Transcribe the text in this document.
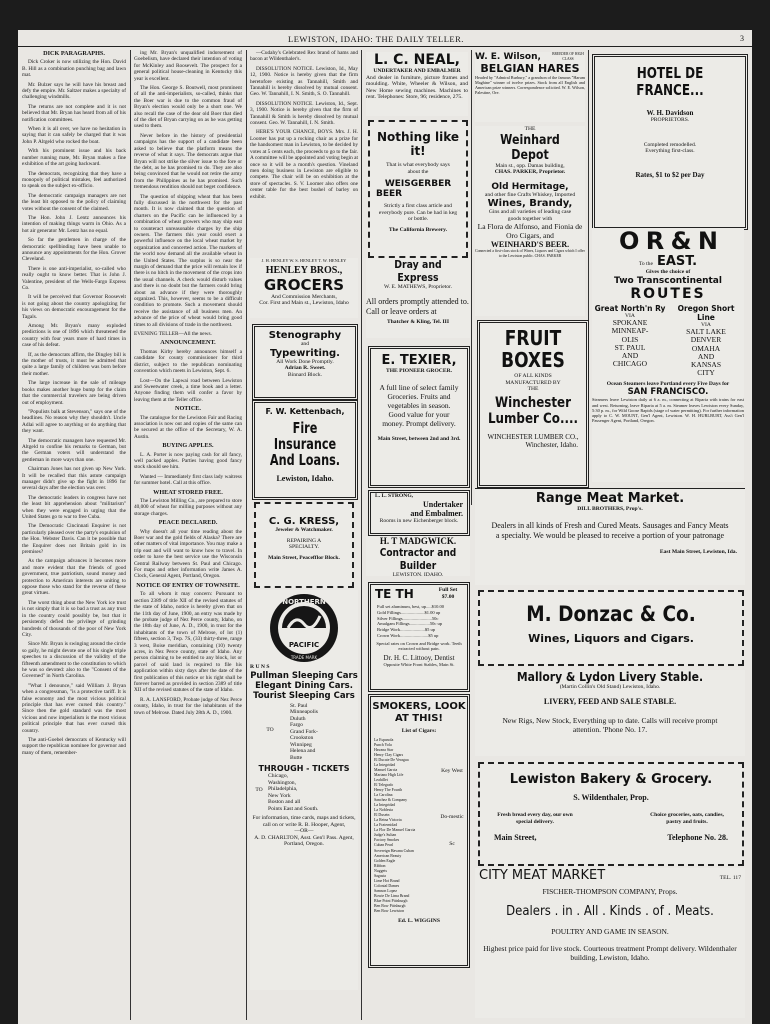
LEWISTON, IDAHO: THE DAILY TELLER.	3
DICK PARAGRAPHS.
Dick Croker is now utilizing the Hon. David B. Hill as a combination punching bag and lawn mat.
Mr. Bulzer says he will have his breast and defy the empire. Mr. Saltzer makes a specialty of challenging windmills.
The returns are not complete and it is not believed that Mr. Bryan has heard from all of his notification committees.
When it is all over, we have no hesitation in saying that it can safely be charged that it was John P. Altgeld who rocked the boat.
With his prominent issue and his back number running mate, Mr. Bryan makes a fine exhibition of the art going backward.
The democrats, recognizing that they have a monopoly of political mistakes, feel authorized to speak on the subject ex-officio.
The democratic campaign managers are not the least bit opposed to the policy of claiming votes without the consent of the claimed.
The Hon. John J. Lentz announces his intention of making things warm in Ohio. As a hot air generator Mr. Lentz has no equal.
So far the gentlemen in charge of the democratic spellbinding have been unable to announce any appointments for the Hon. Grover Cleveland.
There is one anti-imperialist, so-called who really ought to know better. That is John J. Valentine, president of the Wells-Fargo Express Co.
It will be perceived that Governor Roosevelt is not going about the country apologizing for his views on democratic encouragement for the Tagals.
Among Mr. Bryan's many exploded predictions is one of 1896 which threatened the country with four years more of hard times in case of his defeat.
If, as the democrats affirm, the Dingley bill is the mother of trusts, it must be admitted that quite a large family of children was born before their mother.
The large increase in the sale of mileage books makes another huge bump for the claim that the commercial travelers are being driven out of employment.
"Populists balk at Stevenson," says one of the headlines. No reason why they shouldn't. Uncle Adlai will agree to anything or do anything that they want.
The democratic managers have requested Mr. Altgeld to confine his remarks to German, but the German voters will understand the gentleman in more ways than one.
Chairman Jones has not given up New York. It will be recalled that this astute campaign manager didn't give up the fight in 1896 for several days after the election was over.
The democratic leaders in congress have not the least bit apprehension about "militarism" when they were engaged in urging that the United States go to war to free Cuba.
The Democratic Cincinnati Enquirer is not particularly pleased over the party's expulsion of the Hon. Webster Davis. Can it be possible that the Enquirer does not Britain gold in its premises?
As the campaign advances it becomes more and more evident that the friends of good government, true patriotism, sound money and protection to American interests are uniting to oppose those who stand for the reverse of these great virtues.
The worst thing about the New York ice trust is not simply that it is so bad a trust as any trust in the country could possibly be, but that it persistently defied the privilege of grinding hundreds of thousands of the poor of New York City.
Since Mr. Bryan is swinging around the circle so gaily, he might devote one of his single triple speeches to a discussion of the validity of the fifteenth amendment to the constitution to which he was so devoted: also to the "Consent of the Governed" in North Carolina.
"What I denounce," said William J. Bryan when a congressman, "is a protective tariff. It is false economy and the most vicious political principle that has ever cursed this country." Since then the gold standard was the most vicious and now imperialism is the most vicious political principle that has ever cursed this country.
The anti-Goebel democrats of Kentucky will support the republican nominee for governor and many of them, remember-
ing Mr. Bryan's unqualified indorsement of Goebelism, have declared their intention of voting for McKinley and Roosevelt. The prospect for a general political house-cleaning in Kentucky this year is excellent.
The Hon. George S. Boutwell, most prominent of all the anti-imperialists, so-called, thinks that the Boer war is due to the common fraud of Bryan's election would only be a short one. We also recall the case of the dear old Boer that died of the diet of Bryan carrying on as he was getting used to them.
Never before in the history of presidential campaigns has the support of a candidate been asked to believe that the platform means the reverse of what it says. The democrats argue that Bryan will not strike the silver issue to the fore or the debt, as he has promised to do. They are also being convinced that he would not retire the army from the Philippines as he has promised. Such tremendous rendition should not beget confidence.
The question of shipping wheat that has been fully discussed in the northwest for the past month. It is now claimed that the question of charters on the Pacific can be influenced by a combination of wheat growers who may ship east to counteract unreasonable charges by the ship owners. The farmers this year could exert a powerful influence on the local wheat market by organization and concerted action. The markets of the world now demand all the available wheat in the United States. The surplus is so near the margin of demand that the price will remain low if there is no hitch in the movement of the crops into the usual channels. A check would disturb values and there is no doubt but the farmers could bring about an advance if they were thoroughly organized. This, however, seems to be a difficult condition to promote. Such a movement should receive the assistance of all business men. An advance of the price of wheat would bring good times to all divisions of trade in the northwest.
EVENING TELLER—All the news.
ANNOUNCEMENT.
Thomas Kirby hereby announces himself a candidate for county commissioner for third district, subject to the republican nominating convention which meets in Lewiston, Sept. 6.
Lost—On the Lapwai road between Lewiston and Sweetwater creek, a time book and a letter. Anyone finding them will confer a favor by leaving them at the Teller office.
NOTICE.
The catalogue for the Lewiston Fair and Racing association is now out and copies of the same can be secured at the office of the Secretary, W. A. Austin.
BUYING APPLES.
L. A. Porter is now paying cash for all fancy, well packed apples. Parties having good fancy stock should see him.
Wanted — Immediately first class lady waitress for summer hotel. Call at this office.
WHEAT STORED FREE.
The Lewiston Milling Co., are prepared to store 40,000 of wheat for milling purposes without any storage charges.
PEACE DECLARED.
Why doesn't all your time reading about the Boer war and the gold fields of Alaska? There are other matters of vital importance. You may make a trip east and will want to know how to travel. In order to have the best service use the Wisconsin Central Railway between St. Paul and Chicago. For maps and other information write James A. Clock, General Agent, Portland, Oregon.
NOTICE OF ENTRY OF TOWNSITE.
To all whom it may concern: Pursuant to section 2389 of title XII of the revised statutes of the state of Idaho, notice is hereby given that on the 11th day of June, 1900, an entry was made by the probate judge of Nez Perce county, Idaho, on the 18th day of June, A. D., 1900, in trust for the inhabitants of the town of Melrose, of lot (1) fifteen, section 3, Twp. 7S, (33) thirty-three, range 3 west, Boise meridian, containing (10) twenty acres, in Nez Perce county, state of Idaho. Any person claiming to be entitled to any block, lot or parcel of said land is required to file his application within sixty days after the date of the first publication of this notice or his right shall be forever barred as provided in section 2389 of title XII of the revised statutes of the state of Idaho.
R. A. LANSFORD, Probate judge of Nez Perce county, Idaho, in trust for the inhabitants of the town of Melrose. Dated July 28th A. D., 1900.
—Cudahy's Celebrated Rex brand of hams and bacon at Wildenthaler's.
DISSOLUTION NOTICE. Lewiston, Id., May 12, 1900. Notice is hereby given that the firm heretofore existing as Tannahill, Smith and Tannahill is hereby dissolved by mutual consent. Geo. W. Tannahill, I. N. Smith, S. O. Tannahill.
DISSOLUTION NOTICE. Lewiston, Id., Sept. 3, 1900. Notice is hereby given that the firm of Tannahill & Smith is hereby dissolved by mutual consent. Geo. W. Tannahill, I. N. Smith.
HERE'S YOUR CHANCE, BOYS. Mrs. J. H. Loomer has put up a rocking chair as a prize for the handsomest man in Lewiston, to be decided by votes at 5 cents each, the proceeds to go to the fair. A committee will be appointed and voting begin at once so it will be a month's question. Vineland men doing business in Lewiston are eligible to compete. The chair will be on exhibition at the store of spectacles. S. V. Loomer also offers one center table for the best bushel of barley on exhibit.
J. H. HENLEY W. S. HENLEY T. W. HENLEY
HENLEY BROS.,
GROCERS
And Commission Merchants,
Cor. First and Main st., Lewiston, Idaho
Stenography
and
Typewriting.
All Work Done Promptly.
Adrian R. Sweet.
Binnard Block.
F. W. Kettenbach,
Fire Insurance
And Loans.
Lewiston, Idaho.
C. G. KRESS,
Jeweler & Watchmaker.
REPAIRING A SPECIALTY.
Main Street, Peacefflor Block.
NORTHERN
PACIFIC
TRADE MARK
R U N S
Pullman Sleeping Cars
Elegant Dining Cars.
Tourist Sleeping Cars
TO
St. Paul
Minneapolis
Duluth
Fargo
Grand Fork-
Crookston
Winnipeg
Helena and
Butte
THROUGH - TICKETS
TO
Chicago,
Washington,
Philadelphia,
New York
Boston and all
Points East and South.
For information, time cards, maps and tickets, call on or write R. B. Hooper, Agent,
—OR—
A. D. CHARLTON, Asst. Gen'l Pass. Agent, Portland, Oregon.
L. C. NEAL,
UNDERTAKER AND EMBALMER
And dealer in furniture, picture frames and moulding. White, Wheeler & Wilson, and New Home sewing machines. Machines to rent. Telephones: Store, 96; residence, 275.
Nothing like it!
That is what everybody says about the
WEISGERBER
BEER
Strictly a first class article and everybody pure. Can be had in keg or bottle.
The California Brewery.
Dray and Express
W. E. MATHEWS, Proprietor.
All orders promptly attended to.
Call or leave orders at
Thatcher & Kling, Tel. III
E. TEXIER,
THE PIONEER GROCER.
A full line of select family Groceries. Fruits and vegetables in season. Good value for your money. Prompt delivery.
Main Street, between 2nd and 3rd.
L. L. STRONG,
Undertaker
and Embalmer.
Rooms in new Eichenberger block.
H. T MADGWICK.
Contractor and Builder
LEWISTON, IDAHO.
TE TH	Full Set $7.00
Full set aluminum, best, up.....$10.00
Gold Fillings.....................$1.00 up
Silver Fillings..........................50c
Amalgam Fillings..................50c up
Bridge Work......................$5 up
Crown Work.........................$5 up
Special rates on Crown and Bridge work. Teeth extracted without pain.
Dr. H. C. Littooy, Dentist
Opposite White Front Stables, Main St.
SMOKERS, LOOK AT THIS!
List of Cigars:
La Espanola
Punch Yola
Havana Star
Henry Clay Cigars
El Ducate De Veragua
La Integridad
Manuel Garcia
Mariano High Life
Leahillet
El Telegrafo
Henry The Fourth
La Carolina
Sanchez & Company
La Integridad
La Noblesia
El Dusein
La Reina Victoria
La Fraternidad
La Flor De Manuel Garcia
Judge's Sultan
Factory Smokes
Cuban Pearl
Sovereign Havana Cuban
American Beauty
Golden Eagle
Ribbon
Nuggets
Sagasta
Lime Hot Brand
Colonial Dames
Samson Lopez
Bowie De Lima Brand
Blue Point Pittsburgh
Ben Bow Pittsburgh
Ben Bow Lewiston
Key West
Do-mestic
Sc
Ed. L. WIGGINS
W. E. Wilson,	BREEDER OF HIGH CLASS
BELGIAN HARES
Headed by "Admiral Burbury," a grandson of the famous "Harum Maghine" winner of twelve prizes. Stock from all English and American prize winners. Correspondence solicited. W. E. Wilson, Palestine, Ore.
THE
Weinhard Depot
Main st., opp. Damas building,
CHAS. PARKER, Proprietor.
Old Hermitage,
and other fine Crafts Whiskey, Imported
Wines, Brandy,
Gins and all varieties of leading case goods together with
La Flora de Alfonso, and Fionia de Oro Cigars, and
WEINHARD'S BEER.
Connected a first-class stock of Wines, Liquors and Cigars which I offer to the Lewiston public. CHAS. PARKER
FRUIT BOXES
OF ALL KINDS MANUFACTURED BY THE
Winchester Lumber Co....
WINCHESTER LUMBER CO.,
Winchester, Idaho.
HOTEL DE FRANCE...
W. H. Davidson
PROPRIETORS.
Completed remodelled. Everything first-class.
Rates, $1 to $2 per Day
O R & N
To the EAST.
Gives the choice of
Two Transcontinental
ROUTES
Great North'n Ry
VIA
SPOKANE
MINNEAP-
OLIS
ST. PAUL
AND
CHICAGO
Oregon Short Line
VIA
SALT LAKE
DENVER
OMAHA
AND
KANSAS
CITY
Ocean Steamers leave Portland every Five Days for
SAN FRANCISCO.
Steamers leave Lewiston daily at 6 a. m., connecting at Riparia with trains for east and west. Returning, leave Riparia at 5 a. m. Steamer leaves Lewiston every Sunday, 5:30 p. m., for Wild Goose Rapids (stage of water permitting). For further information apply to C. W. MOUNT, Gen'l Agent, Lewiston. W. H. HURLBURT, Ass't Gen'l Passenger Agent, Portland, Oregon.
Range Meat Market.
DILL BROTHERS, Prop's.
Dealers in all kinds of Fresh and Cured Meats. Sausages and Fancy Meats a specialty. We would be pleased to receive a portion of your patronage
East Main Street, Lewiston, Ida.
M. Donzac & Co.
Wines, Liquors and Cigars.
Mallory & Lydon Livery Stable.
(Martin Collin's Old Stand) Lewiston, Idaho.
LIVERY, FEED AND SALE STABLE.
New Rigs, New Stock, Everything up to date. Calls will receive prompt attention. 'Phone No. 17.
Lewiston Bakery & Grocery.
S. Wildenthaler, Prop.
Fresh bread every day, our own special delivery.
Choice groceries, oats, candies, pastry and fruits.
Main Street,	Telephone No. 28.
CITY MEAT MARKET	TEL. 117
FISCHER-THOMPSON COMPANY, Props.
Dealers . in . All . Kinds . of . Meats.
POULTRY AND GAME IN SEASON.
Highest price paid for live stock. Courteous treatment Prompt delivery. Wildenthaler building, Lewiston, Idaho.
